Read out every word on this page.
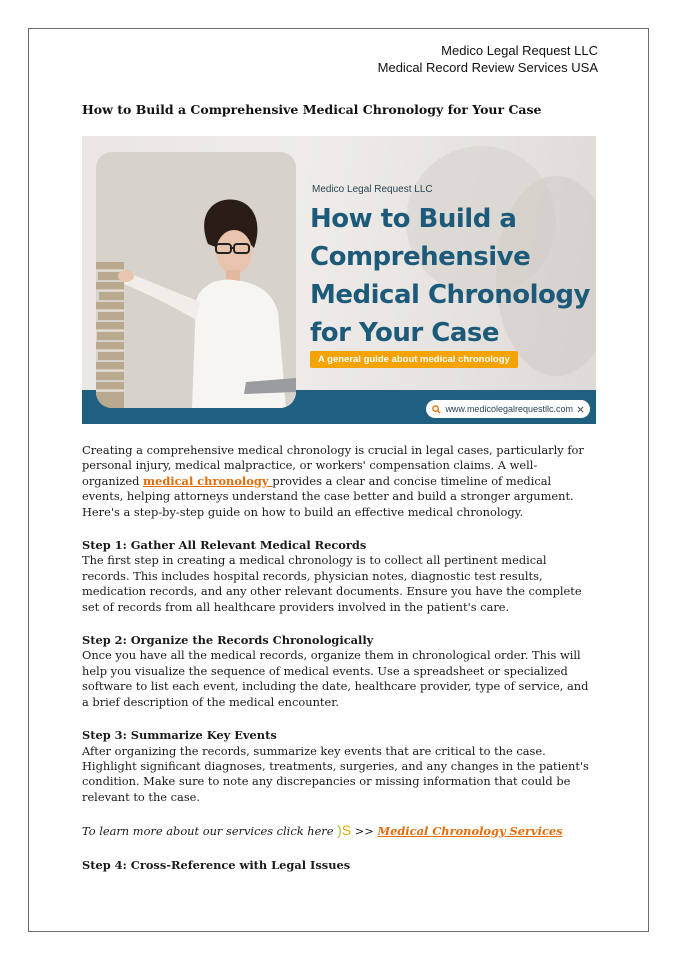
Medico Legal Request LLC
Medical Record Review Services USA
How to Build a Comprehensive Medical Chronology for Your Case
Medico Legal Request LLC
How to Build a
Comprehensive
Medical Chronology
for Your Case
A general guide about medical chronology
www.medicolegalrequestllc.com

Creating a comprehensive medical chronology is crucial in legal cases, particularly for personal injury, medical malpractice, or workers' compensation claims. A well-organized medical chronology provides a clear and concise timeline of medical events, helping attorneys understand the case better and build a stronger argument. Here's a step-by-step guide on how to build an effective medical chronology.

Step 1: Gather All Relevant Medical Records

The first step in creating a medical chronology is to collect all pertinent medical records. This includes hospital records, physician notes, diagnostic test results, medication records, and any other relevant documents. Ensure you have the complete set of records from all healthcare providers involved in the patient's care.

Step 2: Organize the Records Chronologically

Once you have all the medical records, organize them in chronological order. This will help you visualize the sequence of medical events. Use a spreadsheet or specialized software to list each event, including the date, healthcare provider, type of service, and a brief description of the medical encounter.

Step 3: Summarize Key Events

After organizing the records, summarize key events that are critical to the case. Highlight significant diagnoses, treatments, surgeries, and any changes in the patient's condition. Make sure to note any discrepancies or missing information that could be relevant to the case.

To learn more about our services click here )S >> Medical Chronology Services

Step 4: Cross-Reference with Legal Issues
